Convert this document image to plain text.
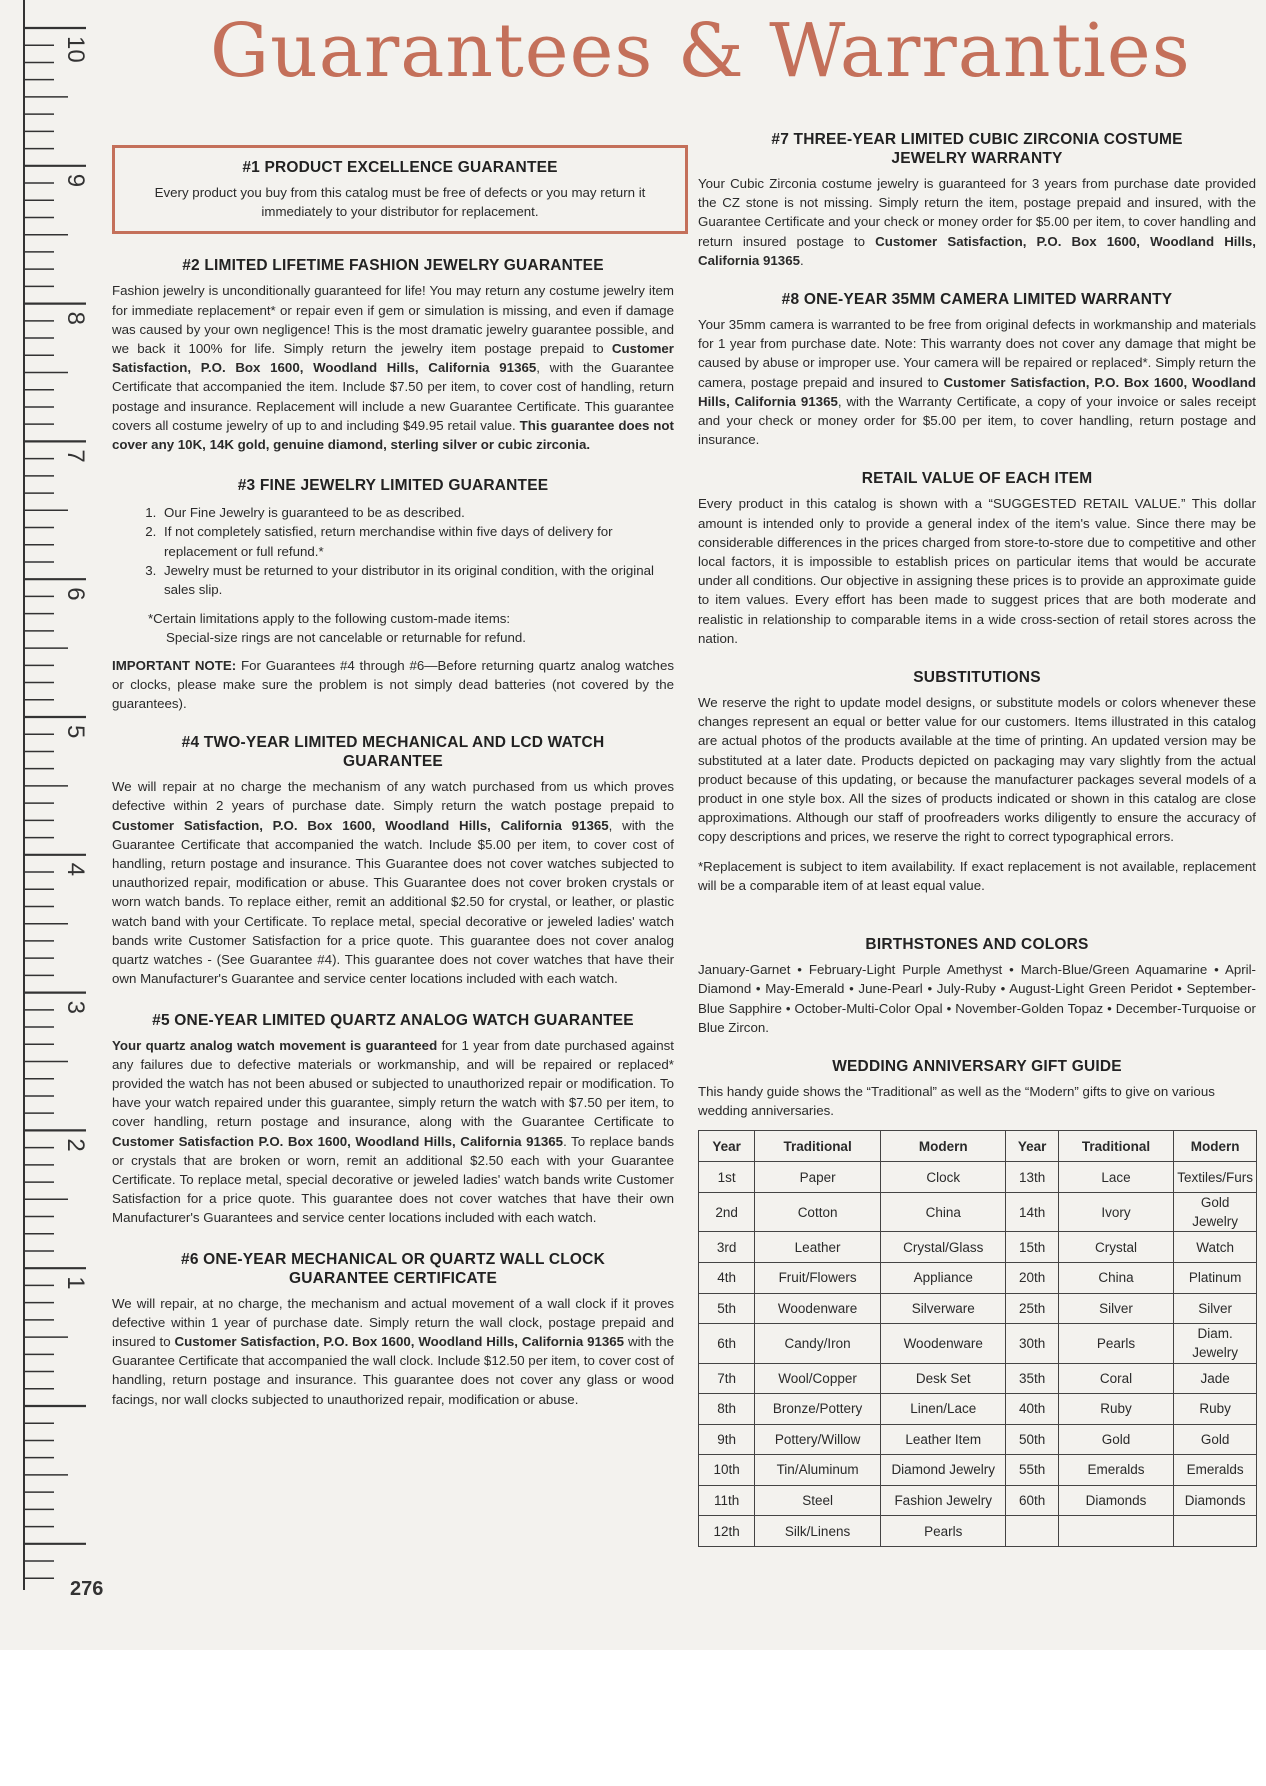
10
9
8
7
6
5
4
3
2
1
Guarantees & Warranties
#1 PRODUCT EXCELLENCE GUARANTEE

Every product you buy from this catalog must be free of defects or you may return it immediately to your distributor for replacement.

#2 LIMITED LIFETIME FASHION JEWELRY GUARANTEE

Fashion jewelry is unconditionally guaranteed for life! You may return any costume jewelry item for immediate replacement* or repair even if gem or simulation is missing, and even if damage was caused by your own negligence! This is the most dramatic jewelry guarantee possible, and we back it 100% for life. Simply return the jewelry item postage prepaid to Customer Satisfaction, P.O. Box 1600, Woodland Hills, California 91365, with the Guarantee Certificate that accompanied the item. Include $7.50 per item, to cover cost of handling, return postage and insurance. Replacement will include a new Guarantee Certificate. This guarantee covers all costume jewelry of up to and including $49.95 retail value. This guarantee does not cover any 10K, 14K gold, genuine diamond, sterling silver or cubic zirconia.

#3 FINE JEWELRY LIMITED GUARANTEE
1. Our Fine Jewelry is guaranteed to be as described.
2. If not completely satisfied, return merchandise within five days of delivery for replacement or full refund.*
3. Jewelry must be returned to your distributor in its original condition, with the original sales slip.
*Certain limitations apply to the following custom-made items:
Special-size rings are not cancelable or returnable for refund.

IMPORTANT NOTE: For Guarantees #4 through #6—Before returning quartz analog watches or clocks, please make sure the problem is not simply dead batteries (not covered by the guarantees).

#4 TWO-YEAR LIMITED MECHANICAL AND LCD WATCH GUARANTEE

We will repair at no charge the mechanism of any watch purchased from us which proves defective within 2 years of purchase date. Simply return the watch postage prepaid to Customer Satisfaction, P.O. Box 1600, Woodland Hills, California 91365, with the Guarantee Certificate that accompanied the watch. Include $5.00 per item, to cover cost of handling, return postage and insurance. This Guarantee does not cover watches subjected to unauthorized repair, modification or abuse. This Guarantee does not cover broken crystals or worn watch bands. To replace either, remit an additional $2.50 for crystal, or leather, or plastic watch band with your Certificate. To replace metal, special decorative or jeweled ladies' watch bands write Customer Satisfaction for a price quote. This guarantee does not cover analog quartz watches - (See Guarantee #4). This guarantee does not cover watches that have their own Manufacturer's Guarantee and service center locations included with each watch.

#5 ONE-YEAR LIMITED QUARTZ ANALOG WATCH GUARANTEE

Your quartz analog watch movement is guaranteed for 1 year from date purchased against any failures due to defective materials or workmanship, and will be repaired or replaced* provided the watch has not been abused or subjected to unauthorized repair or modification. To have your watch repaired under this guarantee, simply return the watch with $7.50 per item, to cover handling, return postage and insurance, along with the Guarantee Certificate to Customer Satisfaction P.O. Box 1600, Woodland Hills, California 91365. To replace bands or crystals that are broken or worn, remit an additional $2.50 each with your Guarantee Certificate. To replace metal, special decorative or jeweled ladies' watch bands write Customer Satisfaction for a price quote. This guarantee does not cover watches that have their own Manufacturer's Guarantees and service center locations included with each watch.

#6 ONE-YEAR MECHANICAL OR QUARTZ WALL CLOCK GUARANTEE CERTIFICATE

We will repair, at no charge, the mechanism and actual movement of a wall clock if it proves defective within 1 year of purchase date. Simply return the wall clock, postage prepaid and insured to Customer Satisfaction, P.O. Box 1600, Woodland Hills, California 91365 with the Guarantee Certificate that accompanied the wall clock. Include $12.50 per item, to cover cost of handling, return postage and insurance. This guarantee does not cover any glass or wood facings, nor wall clocks subjected to unauthorized repair, modification or abuse.

#7 THREE-YEAR LIMITED CUBIC ZIRCONIA COSTUME JEWELRY WARRANTY

Your Cubic Zirconia costume jewelry is guaranteed for 3 years from purchase date provided the CZ stone is not missing. Simply return the item, postage prepaid and insured, with the Guarantee Certificate and your check or money order for $5.00 per item, to cover handling and return insured postage to Customer Satisfaction, P.O. Box 1600, Woodland Hills, California 91365.

#8 ONE-YEAR 35MM CAMERA LIMITED WARRANTY

Your 35mm camera is warranted to be free from original defects in workmanship and materials for 1 year from purchase date. Note: This warranty does not cover any damage that might be caused by abuse or improper use. Your camera will be repaired or replaced*. Simply return the camera, postage prepaid and insured to Customer Satisfaction, P.O. Box 1600, Woodland Hills, California 91365, with the Warranty Certificate, a copy of your invoice or sales receipt and your check or money order for $5.00 per item, to cover handling, return postage and insurance.

RETAIL VALUE OF EACH ITEM

Every product in this catalog is shown with a “SUGGESTED RETAIL VALUE.” This dollar amount is intended only to provide a general index of the item's value. Since there may be considerable differences in the prices charged from store-to-store due to competitive and other local factors, it is impossible to establish prices on particular items that would be accurate under all conditions. Our objective in assigning these prices is to provide an approximate guide to item values. Every effort has been made to suggest prices that are both moderate and realistic in relationship to comparable items in a wide cross-section of retail stores across the nation.

SUBSTITUTIONS

We reserve the right to update model designs, or substitute models or colors whenever these changes represent an equal or better value for our customers. Items illustrated in this catalog are actual photos of the products available at the time of printing. An updated version may be substituted at a later date. Products depicted on packaging may vary slightly from the actual product because of this updating, or because the manufacturer packages several models of a product in one style box. All the sizes of products indicated or shown in this catalog are close approximations. Although our staff of proofreaders works diligently to ensure the accuracy of copy descriptions and prices, we reserve the right to correct typographical errors.

*Replacement is subject to item availability. If exact replacement is not available, replacement will be a comparable item of at least equal value.

BIRTHSTONES AND COLORS

January-Garnet • February-Light Purple Amethyst • March-Blue/Green Aquamarine • April-Diamond • May-Emerald • June-Pearl • July-Ruby • August-Light Green Peridot • September-Blue Sapphire • October-Multi-Color Opal • November-Golden Topaz • December-Turquoise or Blue Zircon.

WEDDING ANNIVERSARY GIFT GUIDE

This handy guide shows the “Traditional” as well as the “Modern” gifts to give on various wedding anniversaries.

Year	Traditional	Modern	Year	Traditional	Modern
1st	Paper	Clock	13th	Lace	Textiles/Furs
2nd	Cotton	China	14th	Ivory	Gold Jewelry
3rd	Leather	Crystal/Glass	15th	Crystal	Watch
4th	Fruit/Flowers	Appliance	20th	China	Platinum
5th	Woodenware	Silverware	25th	Silver	Silver
6th	Candy/Iron	Woodenware	30th	Pearls	Diam. Jewelry
7th	Wool/Copper	Desk Set	35th	Coral	Jade
8th	Bronze/Pottery	Linen/Lace	40th	Ruby	Ruby
9th	Pottery/Willow	Leather Item	50th	Gold	Gold
10th	Tin/Aluminum	Diamond Jewelry	55th	Emeralds	Emeralds
11th	Steel	Fashion Jewelry	60th	Diamonds	Diamonds
12th	Silk/Linens	Pearls			
276
